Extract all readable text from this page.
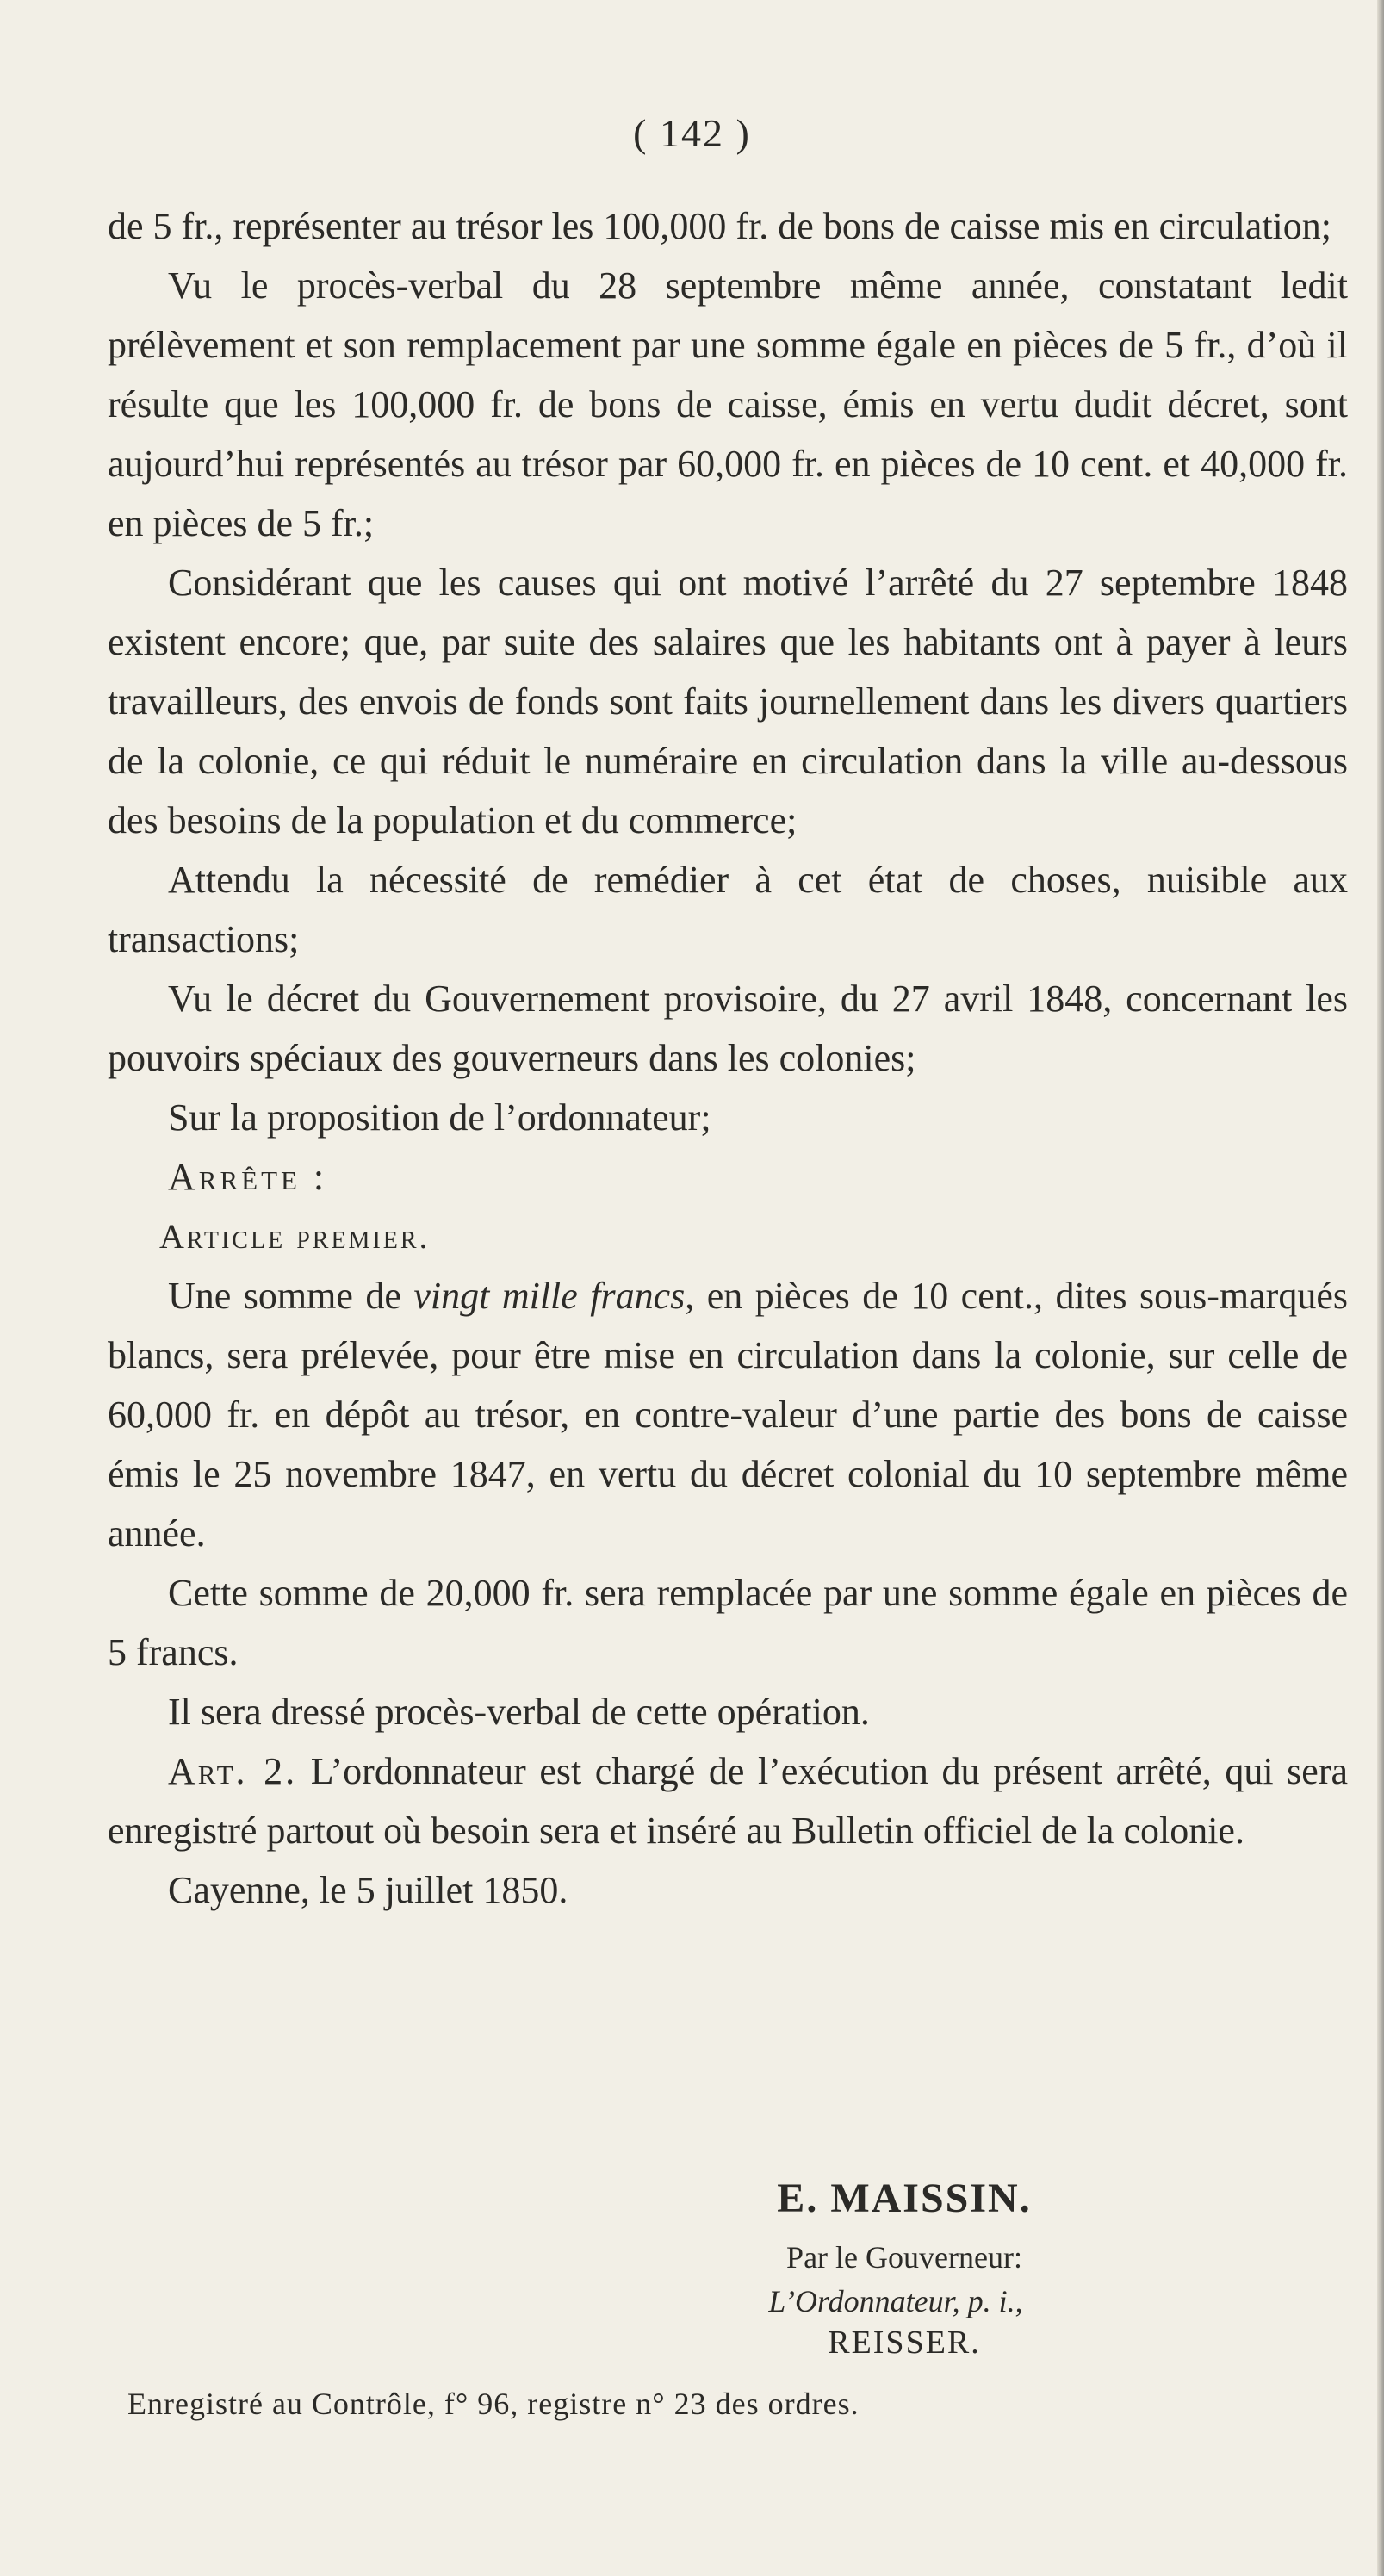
( 142 )

de 5 fr., représenter au trésor les 100,000 fr. de bons de caisse mis en circulation;

Vu le procès-verbal du 28 septembre même année, constatant ledit prélèvement et son remplacement par une somme égale en pièces de 5 fr., d’où il résulte que les 100,000 fr. de bons de caisse, émis en vertu dudit décret, sont aujourd’hui représentés au trésor par 60,000 fr. en pièces de 10 cent. et 40,000 fr. en pièces de 5 fr.;

Considérant que les causes qui ont motivé l’arrêté du 27 septembre 1848 existent encore; que, par suite des salaires que les habitants ont à payer à leurs travailleurs, des envois de fonds sont faits journellement dans les divers quartiers de la colonie, ce qui réduit le numéraire en circulation dans la ville au-dessous des besoins de la population et du commerce;

Attendu la nécessité de remédier à cet état de choses, nuisible aux transactions;

Vu le décret du Gouvernement provisoire, du 27 avril 1848, concernant les pouvoirs spéciaux des gouverneurs dans les colonies;

Sur la proposition de l’ordonnateur;

Arrête :

Article premier.

Une somme de vingt mille francs, en pièces de 10 cent., dites sous-marqués blancs, sera prélevée, pour être mise en circulation dans la colonie, sur celle de 60,000 fr. en dépôt au trésor, en contre-valeur d’une partie des bons de caisse émis le 25 novembre 1847, en vertu du décret colonial du 10 septembre même année.

Cette somme de 20,000 fr. sera remplacée par une somme égale en pièces de 5 francs.

Il sera dressé procès-verbal de cette opération.

Art. 2. L’ordonnateur est chargé de l’exécution du présent arrêté, qui sera enregistré partout où besoin sera et inséré au Bulletin officiel de la colonie.

Cayenne, le 5 juillet 1850.

E. MAISSIN.
Par le Gouverneur:
L’Ordonnateur, p. i.,
REISSER.
Enregistré au Contrôle, f° 96, registre n° 23 des ordres.
